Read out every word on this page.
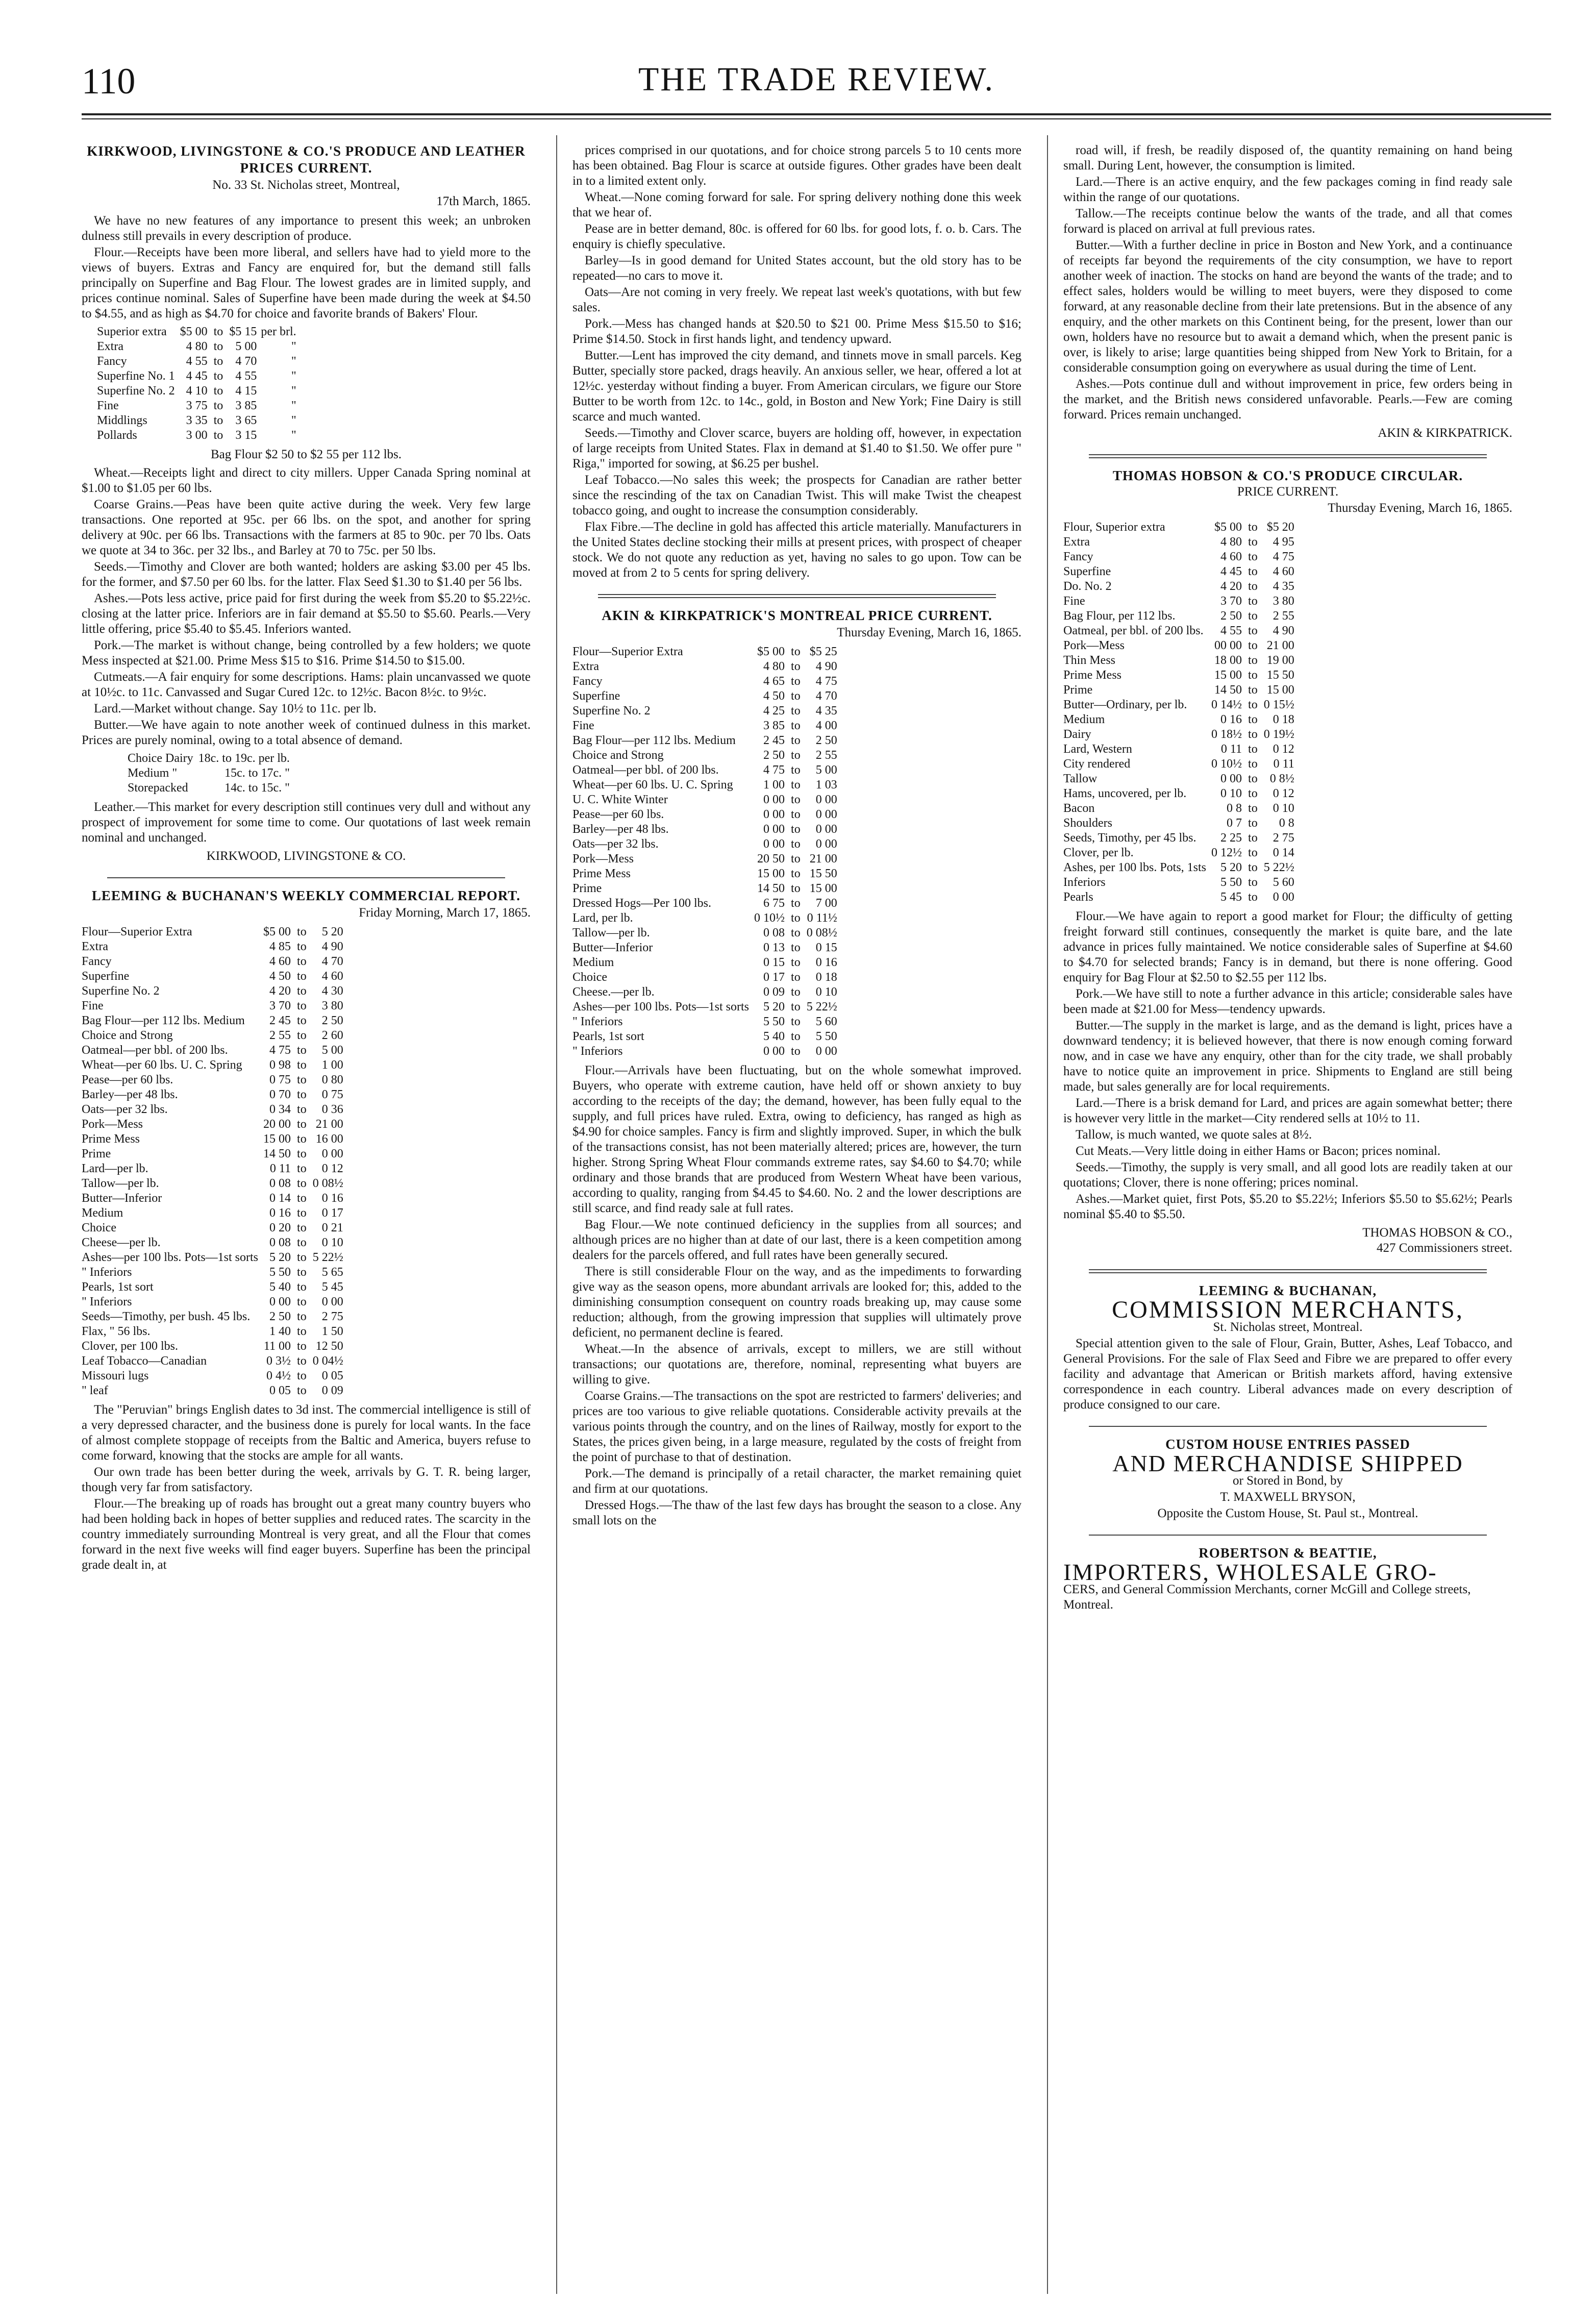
110	THE TRADE REVIEW.
KIRKWOOD, LIVINGSTONE & CO.'S PRODUCE AND LEATHER PRICES CURRENT.
No. 33 St. Nicholas street, Montreal,
17th March, 1865.

We have no new features of any importance to present this week; an unbroken dulness still prevails in every description of produce.

Flour.—Receipts have been more liberal, and sellers have had to yield more to the views of buyers. Extras and Fancy are enquired for, but the demand still falls principally on Superfine and Bag Flour. The lowest grades are in limited supply, and prices continue nominal. Sales of Superfine have been made during the week at $4.50 to $4.55, and as high as $4.70 for choice and favorite brands of Bakers' Flour.

Superior extra	$5 00	to	$5 15	per brl.
Extra	4 80	to	5 00	"
Fancy	4 55	to	4 70	"
Superfine No. 1	4 45	to	4 55	"
Superfine No. 2	4 10	to	4 15	"
Fine	3 75	to	3 85	"
Middlings	3 35	to	3 65	"
Pollards	3 00	to	3 15	"
Bag Flour $2 50 to $2 55 per 112 lbs.

Wheat.—Receipts light and direct to city millers. Upper Canada Spring nominal at $1.00 to $1.05 per 60 lbs.

Coarse Grains.—Peas have been quite active during the week. Very few large transactions. One reported at 95c. per 66 lbs. on the spot, and another for spring delivery at 90c. per 66 lbs. Transactions with the farmers at 85 to 90c. per 70 lbs. Oats we quote at 34 to 36c. per 32 lbs., and Barley at 70 to 75c. per 50 lbs.

Seeds.—Timothy and Clover are both wanted; holders are asking $3.00 per 45 lbs. for the former, and $7.50 per 60 lbs. for the latter. Flax Seed $1.30 to $1.40 per 56 lbs.

Ashes.—Pots less active, price paid for first during the week from $5.20 to $5.22½c. closing at the latter price. Inferiors are in fair demand at $5.50 to $5.60. Pearls.—Very little offering, price $5.40 to $5.45. Inferiors wanted.

Pork.—The market is without change, being controlled by a few holders; we quote Mess inspected at $21.00. Prime Mess $15 to $16. Prime $14.50 to $15.00.

Cutmeats.—A fair enquiry for some descriptions. Hams: plain uncanvassed we quote at 10½c. to 11c. Canvassed and Sugar Cured 12c. to 12½c. Bacon 8½c. to 9½c.

Lard.—Market without change. Say 10½ to 11c. per lb.

Butter.—We have again to note another week of continued dulness in this market. Prices are purely nominal, owing to a total absence of demand.

Choice Dairy	18c. to 19c. per lb.
Medium "	15c. to 17c. "
Storepacked	14c. to 15c. "

Leather.—This market for every description still continues very dull and without any prospect of improvement for some time to come. Our quotations of last week remain nominal and unchanged.

KIRKWOOD, LIVINGSTONE & CO.
LEEMING & BUCHANAN'S WEEKLY COMMERCIAL REPORT.
Friday Morning, March 17, 1865.
Flour—Superior Extra	$5 00	to	5 20
Extra	4 85	to	4 90
Fancy	4 60	to	4 70
Superfine	4 50	to	4 60
Superfine No. 2	4 20	to	4 30
Fine	3 70	to	3 80
Bag Flour—per 112 lbs. Medium	2 45	to	2 50
Choice and Strong	2 55	to	2 60
Oatmeal—per bbl. of 200 lbs.	4 75	to	5 00
Wheat—per 60 lbs. U. C. Spring	0 98	to	1 00
Pease—per 60 lbs.	0 75	to	0 80
Barley—per 48 lbs.	0 70	to	0 75
Oats—per 32 lbs.	0 34	to	0 36
Pork—Mess	20 00	to	21 00
Prime Mess	15 00	to	16 00
Prime	14 50	to	0 00
Lard—per lb.	0 11	to	0 12
Tallow—per lb.	0 08	to	0 08½
Butter—Inferior	0 14	to	0 16
Medium	0 16	to	0 17
Choice	0 20	to	0 21
Cheese—per lb.	0 08	to	0 10
Ashes—per 100 lbs. Pots—1st sorts	5 20	to	5 22½
" Inferiors	5 50	to	5 65
Pearls, 1st sort	5 40	to	5 45
" Inferiors	0 00	to	0 00
Seeds—Timothy, per bush. 45 lbs.	2 50	to	2 75
Flax, " 56 lbs.	1 40	to	1 50
Clover, per 100 lbs.	11 00	to	12 50
Leaf Tobacco—Canadian	0 3½	to	0 04½
Missouri lugs	0 4½	to	0 05
" leaf	0 05	to	0 09

The "Peruvian" brings English dates to 3d inst. The commercial intelligence is still of a very depressed character, and the business done is purely for local wants. In the face of almost complete stoppage of receipts from the Baltic and America, buyers refuse to come forward, knowing that the stocks are ample for all wants.

Our own trade has been better during the week, arrivals by G. T. R. being larger, though very far from satisfactory.

Flour.—The breaking up of roads has brought out a great many country buyers who had been holding back in hopes of better supplies and reduced rates. The scarcity in the country immediately surrounding Montreal is very great, and all the Flour that comes forward in the next five weeks will find eager buyers. Superfine has been the principal grade dealt in, at

prices comprised in our quotations, and for choice strong parcels 5 to 10 cents more has been obtained. Bag Flour is scarce at outside figures. Other grades have been dealt in to a limited extent only.

Wheat.—None coming forward for sale. For spring delivery nothing done this week that we hear of.

Pease are in better demand, 80c. is offered for 60 lbs. for good lots, f. o. b. Cars. The enquiry is chiefly speculative.

Barley—Is in good demand for United States account, but the old story has to be repeated—no cars to move it.

Oats—Are not coming in very freely. We repeat last week's quotations, with but few sales.

Pork.—Mess has changed hands at $20.50 to $21 00. Prime Mess $15.50 to $16; Prime $14.50. Stock in first hands light, and tendency upward.

Butter.—Lent has improved the city demand, and tinnets move in small parcels. Keg Butter, specially store packed, drags heavily. An anxious seller, we hear, offered a lot at 12½c. yesterday without finding a buyer. From American circulars, we figure our Store Butter to be worth from 12c. to 14c., gold, in Boston and New York; Fine Dairy is still scarce and much wanted.

Seeds.—Timothy and Clover scarce, buyers are holding off, however, in expectation of large receipts from United States. Flax in demand at $1.40 to $1.50. We offer pure " Riga," imported for sowing, at $6.25 per bushel.

Leaf Tobacco.—No sales this week; the prospects for Canadian are rather better since the rescinding of the tax on Canadian Twist. This will make Twist the cheapest tobacco going, and ought to increase the consumption considerably.

Flax Fibre.—The decline in gold has affected this article materially. Manufacturers in the United States decline stocking their mills at present prices, with prospect of cheaper stock. We do not quote any reduction as yet, having no sales to go upon. Tow can be moved at from 2 to 5 cents for spring delivery.

AKIN & KIRKPATRICK'S MONTREAL PRICE CURRENT.
Thursday Evening, March 16, 1865.
Flour—Superior Extra	$5 00	to	$5 25
Extra	4 80	to	4 90
Fancy	4 65	to	4 75
Superfine	4 50	to	4 70
Superfine No. 2	4 25	to	4 35
Fine	3 85	to	4 00
Bag Flour—per 112 lbs. Medium	2 45	to	2 50
Choice and Strong	2 50	to	2 55
Oatmeal—per bbl. of 200 lbs.	4 75	to	5 00
Wheat—per 60 lbs. U. C. Spring	1 00	to	1 03
U. C. White Winter	0 00	to	0 00
Pease—per 60 lbs.	0 00	to	0 00
Barley—per 48 lbs.	0 00	to	0 00
Oats—per 32 lbs.	0 00	to	0 00
Pork—Mess	20 50	to	21 00
Prime Mess	15 00	to	15 50
Prime	14 50	to	15 00
Dressed Hogs—Per 100 lbs.	6 75	to	7 00
Lard, per lb.	0 10½	to	0 11½
Tallow—per lb.	0 08	to	0 08½
Butter—Inferior	0 13	to	0 15
Medium	0 15	to	0 16
Choice	0 17	to	0 18
Cheese.—per lb.	0 09	to	0 10
Ashes—per 100 lbs. Pots—1st sorts	5 20	to	5 22½
" Inferiors	5 50	to	5 60
Pearls, 1st sort	5 40	to	5 50
" Inferiors	0 00	to	0 00

Flour.—Arrivals have been fluctuating, but on the whole somewhat improved. Buyers, who operate with extreme caution, have held off or shown anxiety to buy according to the receipts of the day; the demand, however, has been fully equal to the supply, and full prices have ruled. Extra, owing to deficiency, has ranged as high as $4.90 for choice samples. Fancy is firm and slightly improved. Super, in which the bulk of the transactions consist, has not been materially altered; prices are, however, the turn higher. Strong Spring Wheat Flour commands extreme rates, say $4.60 to $4.70; while ordinary and those brands that are produced from Western Wheat have been various, according to quality, ranging from $4.45 to $4.60. No. 2 and the lower descriptions are still scarce, and find ready sale at full rates.

Bag Flour.—We note continued deficiency in the supplies from all sources; and although prices are no higher than at date of our last, there is a keen competition among dealers for the parcels offered, and full rates have been generally secured.

There is still considerable Flour on the way, and as the impediments to forwarding give way as the season opens, more abundant arrivals are looked for; this, added to the diminishing consumption consequent on country roads breaking up, may cause some reduction; although, from the growing impression that supplies will ultimately prove deficient, no permanent decline is feared.

Wheat.—In the absence of arrivals, except to millers, we are still without transactions; our quotations are, therefore, nominal, representing what buyers are willing to give.

Coarse Grains.—The transactions on the spot are restricted to farmers' deliveries; and prices are too various to give reliable quotations. Considerable activity prevails at the various points through the country, and on the lines of Railway, mostly for export to the States, the prices given being, in a large measure, regulated by the costs of freight from the point of purchase to that of destination.

Pork.—The demand is principally of a retail character, the market remaining quiet and firm at our quotations.

Dressed Hogs.—The thaw of the last few days has brought the season to a close. Any small lots on the

road will, if fresh, be readily disposed of, the quantity remaining on hand being small. During Lent, however, the consumption is limited.

Lard.—There is an active enquiry, and the few packages coming in find ready sale within the range of our quotations.

Tallow.—The receipts continue below the wants of the trade, and all that comes forward is placed on arrival at full previous rates.

Butter.—With a further decline in price in Boston and New York, and a continuance of receipts far beyond the requirements of the city consumption, we have to report another week of inaction. The stocks on hand are beyond the wants of the trade; and to effect sales, holders would be willing to meet buyers, were they disposed to come forward, at any reasonable decline from their late pretensions. But in the absence of any enquiry, and the other markets on this Continent being, for the present, lower than our own, holders have no resource but to await a demand which, when the present panic is over, is likely to arise; large quantities being shipped from New York to Britain, for a considerable consumption going on everywhere as usual during the time of Lent.

Ashes.—Pots continue dull and without improvement in price, few orders being in the market, and the British news considered unfavorable. Pearls.—Few are coming forward. Prices remain unchanged.

AKIN & KIRKPATRICK.
THOMAS HOBSON & CO.'S PRODUCE CIRCULAR.
PRICE CURRENT.
Thursday Evening, March 16, 1865.
Flour, Superior extra	$5 00	to	$5 20
Extra	4 80	to	4 95
Fancy	4 60	to	4 75
Superfine	4 45	to	4 60
Do. No. 2	4 20	to	4 35
Fine	3 70	to	3 80
Bag Flour, per 112 lbs.	2 50	to	2 55
Oatmeal, per bbl. of 200 lbs.	4 55	to	4 90
Pork—Mess	00 00	to	21 00
Thin Mess	18 00	to	19 00
Prime Mess	15 00	to	15 50
Prime	14 50	to	15 00
Butter—Ordinary, per lb.	0 14½	to	0 15½
Medium	0 16	to	0 18
Dairy	0 18½	to	0 19½
Lard, Western	0 11	to	0 12
City rendered	0 10½	to	0 11
Tallow	0 00	to	0 8½
Hams, uncovered, per lb.	0 10	to	0 12
Bacon	0 8	to	0 10
Shoulders	0 7	to	0 8
Seeds, Timothy, per 45 lbs.	2 25	to	2 75
Clover, per lb.	0 12½	to	0 14
Ashes, per 100 lbs. Pots, 1sts	5 20	to	5 22½
Inferiors	5 50	to	5 60
Pearls	5 45	to	0 00

Flour.—We have again to report a good market for Flour; the difficulty of getting freight forward still continues, consequently the market is quite bare, and the late advance in prices fully maintained. We notice considerable sales of Superfine at $4.60 to $4.70 for selected brands; Fancy is in demand, but there is none offering. Good enquiry for Bag Flour at $2.50 to $2.55 per 112 lbs.

Pork.—We have still to note a further advance in this article; considerable sales have been made at $21.00 for Mess—tendency upwards.

Butter.—The supply in the market is large, and as the demand is light, prices have a downward tendency; it is believed however, that there is now enough coming forward now, and in case we have any enquiry, other than for the city trade, we shall probably have to notice quite an improvement in price. Shipments to England are still being made, but sales generally are for local requirements.

Lard.—There is a brisk demand for Lard, and prices are again somewhat better; there is however very little in the market—City rendered sells at 10½ to 11.

Tallow, is much wanted, we quote sales at 8½.

Cut Meats.—Very little doing in either Hams or Bacon; prices nominal.

Seeds.—Timothy, the supply is very small, and all good lots are readily taken at our quotations; Clover, there is none offering; prices nominal.

Ashes.—Market quiet, first Pots, $5.20 to $5.22½; Inferiors $5.50 to $5.62½; Pearls nominal $5.40 to $5.50.

THOMAS HOBSON & CO.,
427 Commissioners street.
LEEMING & BUCHANAN,
COMMISSION MERCHANTS,
St. Nicholas street, Montreal.

Special attention given to the sale of Flour, Grain, Butter, Ashes, Leaf Tobacco, and General Provisions. For the sale of Flax Seed and Fibre we are prepared to offer every facility and advantage that American or British markets afford, having extensive correspondence in each country. Liberal advances made on every description of produce consigned to our care.

CUSTOM HOUSE ENTRIES PASSED
AND MERCHANDISE SHIPPED
or Stored in Bond, by
T. MAXWELL BRYSON,
Opposite the Custom House, St. Paul st., Montreal.
ROBERTSON & BEATTIE,
IMPORTERS, WHOLESALE GRO-
CERS, and General Commission Merchants, corner McGill and College streets, Montreal.
